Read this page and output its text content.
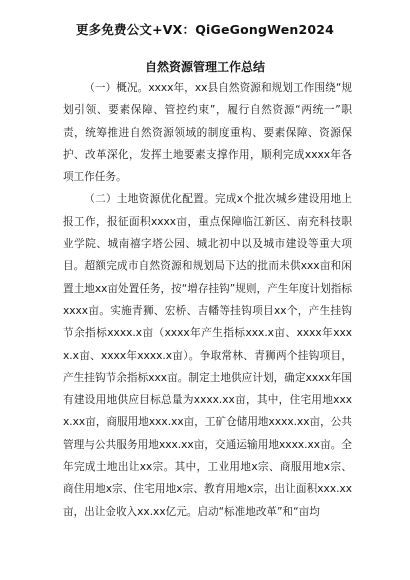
更多免费公文+VX：QiGeGongWen2024
自然资源管理工作总结

（一）概况。xxxx年，xx县自然资源和规划工作围绕“规划引领、要素保障、管控约束”，履行自然资源“两统一”职责，统筹推进自然资源领域的制度重构、要素保障、资源保护、改革深化，发挥土地要素支撑作用，顺利完成xxxx年各项工作任务。

（二）土地资源优化配置。完成x个批次城乡建设用地上报工作，报征面积xxxx亩，重点保障临江新区、南充科技职业学院、城南禧字塔公园、城北初中以及城市建设等重大项目。超额完成市自然资源和规划局下达的批而未供xxx亩和闲置土地xx亩处置任务，按“增存挂钩”规则，产生年度计划指标xxxx亩。实施青狮、宏桥、吉幡等挂钩项目xx个，产生挂钩节余指标xxxx.x亩（xxxx年产生指标xxx.x亩、xxxx年xxxx.x亩、xxxx年xxxx.x亩）。争取常林、青狮两个挂钩项目，产生挂钩节余指标xxx亩。制定土地供应计划，确定xxxx年国有建设用地供应目标总量为xxxx.xx亩，其中，住宅用地xxxx.xx亩，商服用地xxx.xx亩，工矿仓储用地xxxx.xx亩，公共管理与公共服务用地xxx.xx亩，交通运输用地xxxx.xx亩。全年完成土地出让xx宗。其中，工业用地x宗、商服用地x宗、商住用地x宗、住宅用地x宗、教育用地x宗，出让面积xxx.xx亩，出让金收入xx.xx亿元。启动“标准地改革”和“亩均
